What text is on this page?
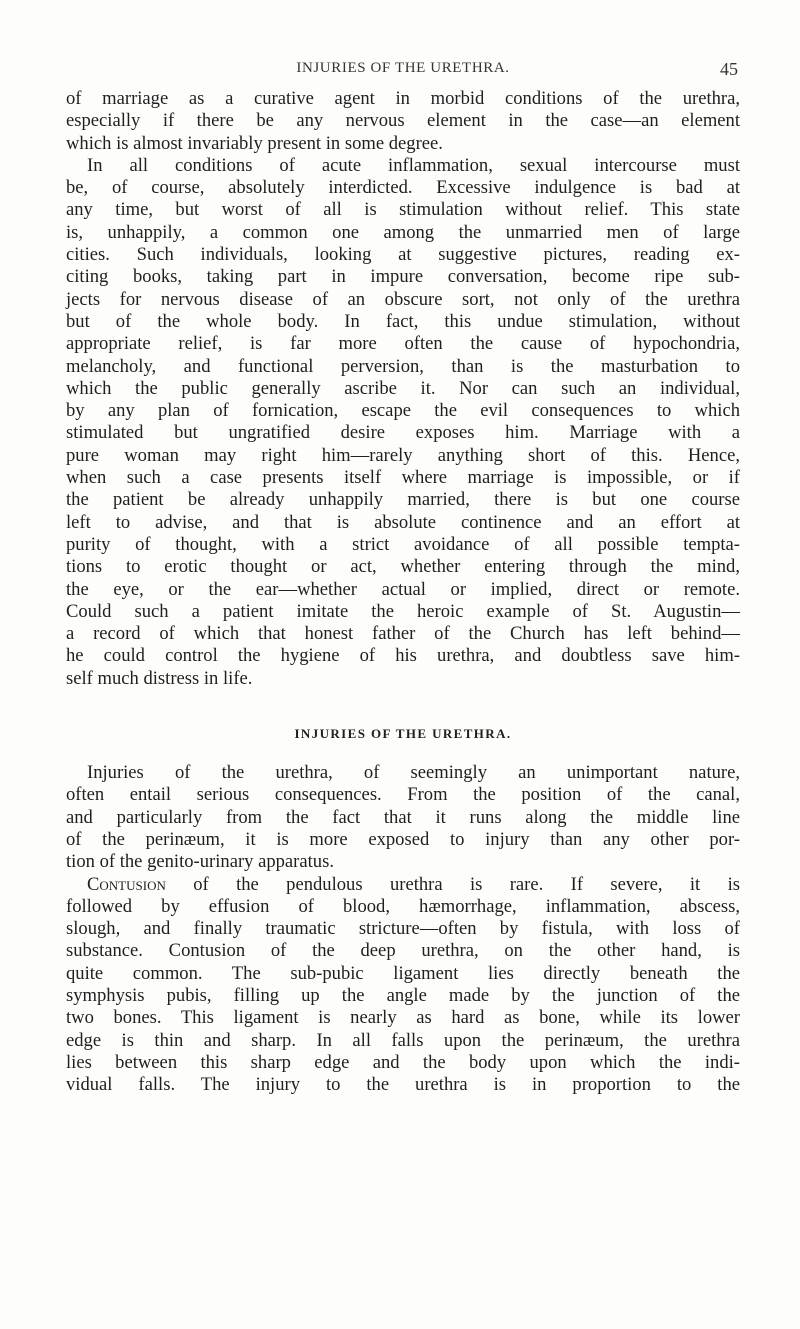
INJURIES OF THE URETHRA.	45
of marriage as a curative agent in morbid conditions of the urethra,
especially if there be any nervous element in the case—an element
which is almost invariably present in some degree.
In all conditions of acute inflammation, sexual intercourse must
be, of course, absolutely interdicted. Excessive indulgence is bad at
any time, but worst of all is stimulation without relief. This state
is, unhappily, a common one among the unmarried men of large
cities. Such individuals, looking at suggestive pictures, reading ex-
citing books, taking part in impure conversation, become ripe sub-
jects for nervous disease of an obscure sort, not only of the urethra
but of the whole body. In fact, this undue stimulation, without
appropriate relief, is far more often the cause of hypochondria,
melancholy, and functional perversion, than is the masturbation to
which the public generally ascribe it. Nor can such an individual,
by any plan of fornication, escape the evil consequences to which
stimulated but ungratified desire exposes him. Marriage with a
pure woman may right him—rarely anything short of this. Hence,
when such a case presents itself where marriage is impossible, or if
the patient be already unhappily married, there is but one course
left to advise, and that is absolute continence and an effort at
purity of thought, with a strict avoidance of all possible tempta-
tions to erotic thought or act, whether entering through the mind,
the eye, or the ear—whether actual or implied, direct or remote.
Could such a patient imitate the heroic example of St. Augustin—
a record of which that honest father of the Church has left behind—
he could control the hygiene of his urethra, and doubtless save him-
self much distress in life.
INJURIES OF THE URETHRA.
Injuries of the urethra, of seemingly an unimportant nature,
often entail serious consequences. From the position of the canal,
and particularly from the fact that it runs along the middle line
of the perinæum, it is more exposed to injury than any other por-
tion of the genito-urinary apparatus.
Contusion of the pendulous urethra is rare. If severe, it is
followed by effusion of blood, hæmorrhage, inflammation, abscess,
slough, and finally traumatic stricture—often by fistula, with loss of
substance. Contusion of the deep urethra, on the other hand, is
quite common. The sub-pubic ligament lies directly beneath the
symphysis pubis, filling up the angle made by the junction of the
two bones. This ligament is nearly as hard as bone, while its lower
edge is thin and sharp. In all falls upon the perinæum, the urethra
lies between this sharp edge and the body upon which the indi-
vidual falls. The injury to the urethra is in proportion to the
